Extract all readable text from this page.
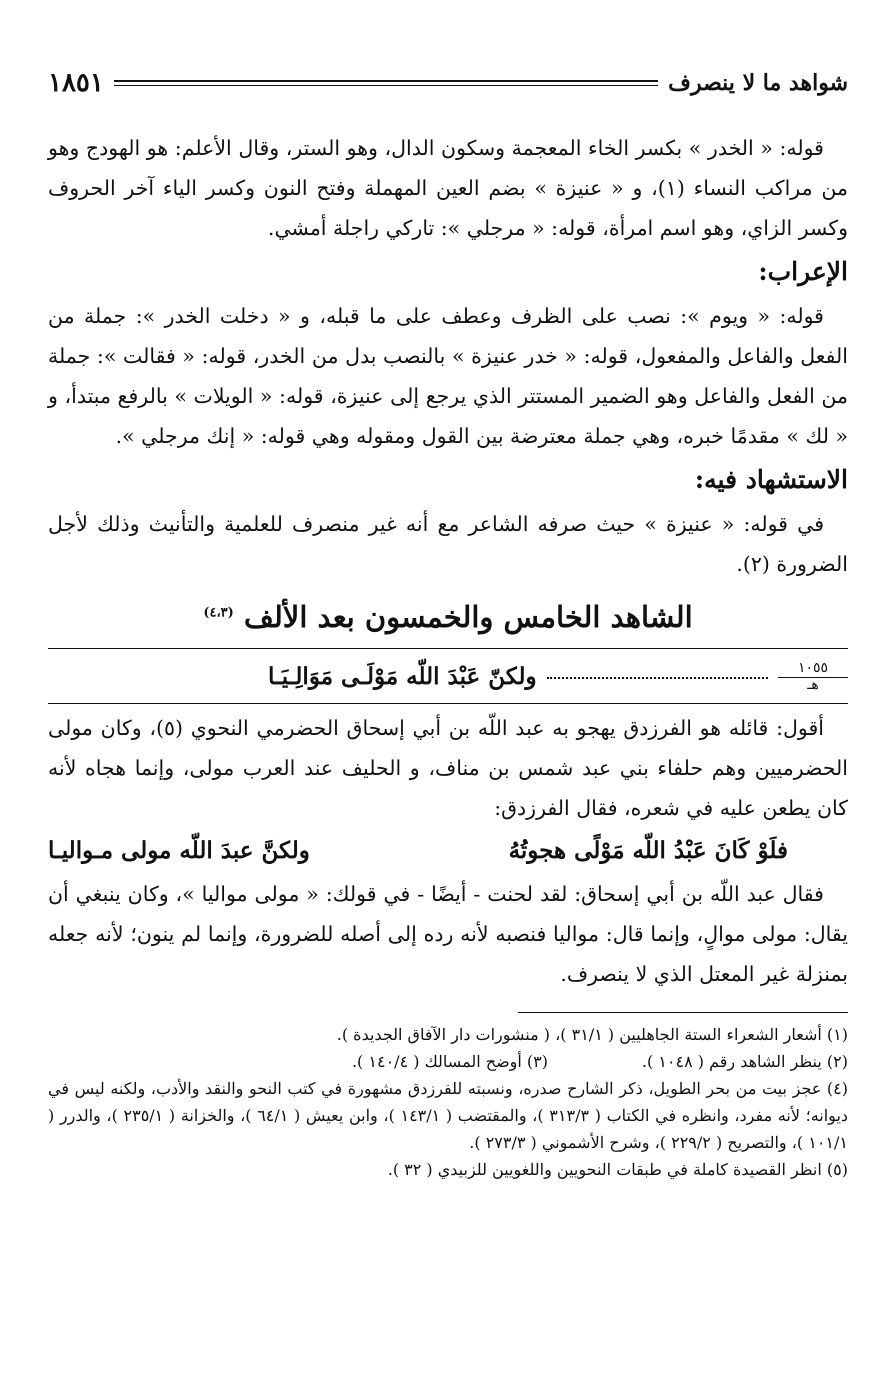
شواهد ما لا ينصرف
١٨٥١

قوله: « الخدر » بكسر الخاء المعجمة وسكون الدال، وهو الستر، وقال الأعلم: هو الهودج وهو من مراكب النساء (١)، و « عنيزة » بضم العين المهملة وفتح النون وكسر الياء آخر الحروف وكسر الزاي، وهو اسم امرأة، قوله: « مرجلي »: تاركي راجلة أمشي.

الإعراب:

قوله: « ويوم »: نصب على الظرف وعطف على ما قبله، و « دخلت الخدر »: جملة من الفعل والفاعل والمفعول، قوله: « خدر عنيزة » بالنصب بدل من الخدر، قوله: « فقالت »: جملة من الفعل والفاعل وهو الضمير المستتر الذي يرجع إلى عنيزة، قوله: « الويلات » بالرفع مبتدأ، و « لك » مقدمًا خبره، وهي جملة معترضة بين القول ومقوله وهي قوله: « إنك مرجلي ».

الاستشهاد فيه:

في قوله: « عنيزة » حيث صرفه الشاعر مع أنه غير منصرف للعلمية والتأنيث وذلك لأجل الضرورة (٢).

الشاهد الخامس والخمسون بعد الألف $^{(٤،٣)}$
١٠٥٥
هـ
ولكنّ عَبْدَ اللّه مَوْلَـى مَوَالِـيَـا

أقول: قائله هو الفرزدق يهجو به عبد اللّه بن أبي إسحاق الحضرمي النحوي (٥)، وكان مولى الحضرميين وهم حلفاء بني عبد شمس بن مناف، و الحليف عند العرب مولى، وإنما هجاه لأنه كان يطعن عليه في شعره، فقال الفرزدق:

فلَوْ كَانَ عَبْدُ اللّه مَوْلًى هجوتُهُ
ولكنَّ عبدَ اللّه مولى مـواليـا

فقال عبد اللّه بن أبي إسحاق: لقد لحنت - أيضًا - في قولك: « مولى مواليا »، وكان ينبغي أن يقال: مولى موالٍ، وإنما قال: مواليا فنصبه لأنه رده إلى أصله للضرورة، وإنما لم ينون؛ لأنه جعله بمنزلة غير المعتل الذي لا ينصرف.

(١) أشعار الشعراء الستة الجاهليين ( ٣١/١ )، ( منشورات دار الآفاق الجديدة ).

(٢) ينظر الشاهد رقم ( ١٠٤٨ ).
(٣) أوضح المسالك ( ١٤٠/٤ ).

(٤) عجز بيت من بحر الطويل، ذكر الشارح صدره، ونسبته للفرزدق مشهورة في كتب النحو والنقد والأدب، ولكنه ليس في ديوانه؛ لأنه مفرد، وانظره في الكتاب ( ٣١٣/٣ )، والمقتضب ( ١٤٣/١ )، وابن يعيش ( ٦٤/١ )، والخزانة ( ٢٣٥/١ )، والدرر ( ١٠١/١ )، والتصريح ( ٢٢٩/٢ )، وشرح الأشموني ( ٢٧٣/٣ ).

(٥) انظر القصيدة كاملة في طبقات النحويين واللغويين للزبيدي ( ٣٢ ).
